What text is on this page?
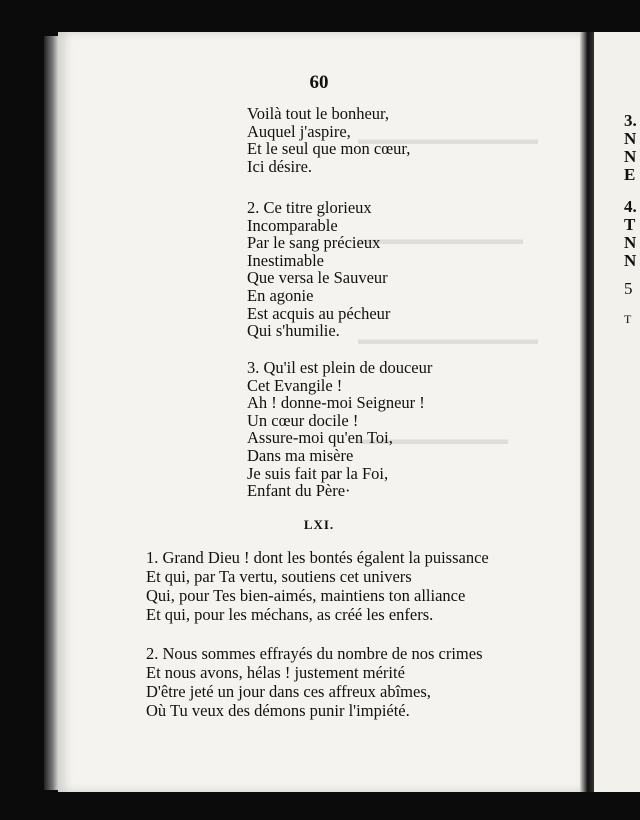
▬▬▬▬▬▬▬▬▬▬▬▬
▬▬▬▬▬▬▬▬▬▬▬
▬▬▬▬▬▬▬▬▬▬▬▬
▬▬▬▬▬▬▬▬▬▬
60
Voilà tout le bonheur,
Auquel j'aspire,
Et le seul que mon cœur,
Ici désire.
2. Ce titre glorieux
Incomparable
Par le sang précieux
Inestimable
Que versa le Sauveur
En agonie
Est acquis au pécheur
Qui s'humilie.
3. Qu'il est plein de douceur
Cet Evangile !
Ah ! donne-moi Seigneur !
Un cœur docile !
Assure-moi qu'en Toi,
Dans ma misère
Je suis fait par la Foi,
Enfant du Père·
LXI.
1. Grand Dieu ! dont les bontés égalent la puissance
Et qui, par Ta vertu, soutiens cet univers
Qui, pour Tes bien-aimés, maintiens ton alliance
Et qui, pour les méchans, as créé les enfers.
2. Nous sommes effrayés du nombre de nos crimes
Et nous avons, hélas ! justement mérité
D'être jeté un jour dans ces affreux abîmes,
Où Tu veux des démons punir l'impiété.
3.
N
N
E
4.
T
N
N
5
T
